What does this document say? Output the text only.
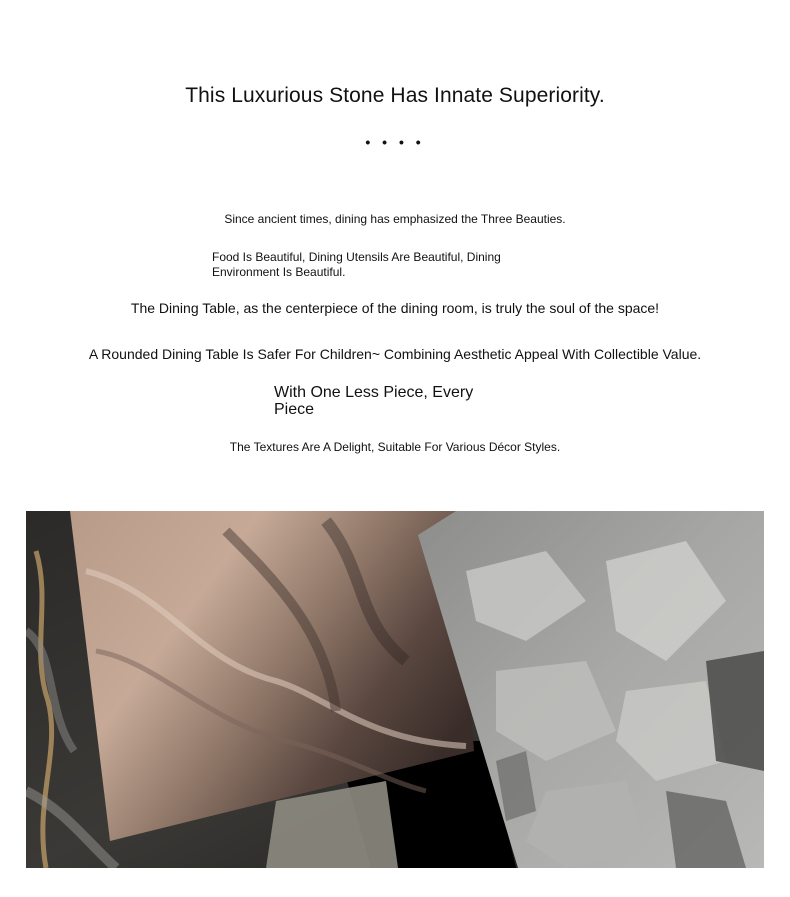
This Luxurious Stone Has Innate Superiority.
• • • •
Since ancient times, dining has emphasized the Three Beauties.
Food Is Beautiful, Dining Utensils Are Beautiful, Dining Environment Is Beautiful.
The Dining Table, as the centerpiece of the dining room, is truly the soul of the space!
A Rounded Dining Table Is Safer For Children~ Combining Aesthetic Appeal With Collectible Value.
With One Less Piece, Every Piece
The Textures Are A Delight, Suitable For Various Décor Styles.
